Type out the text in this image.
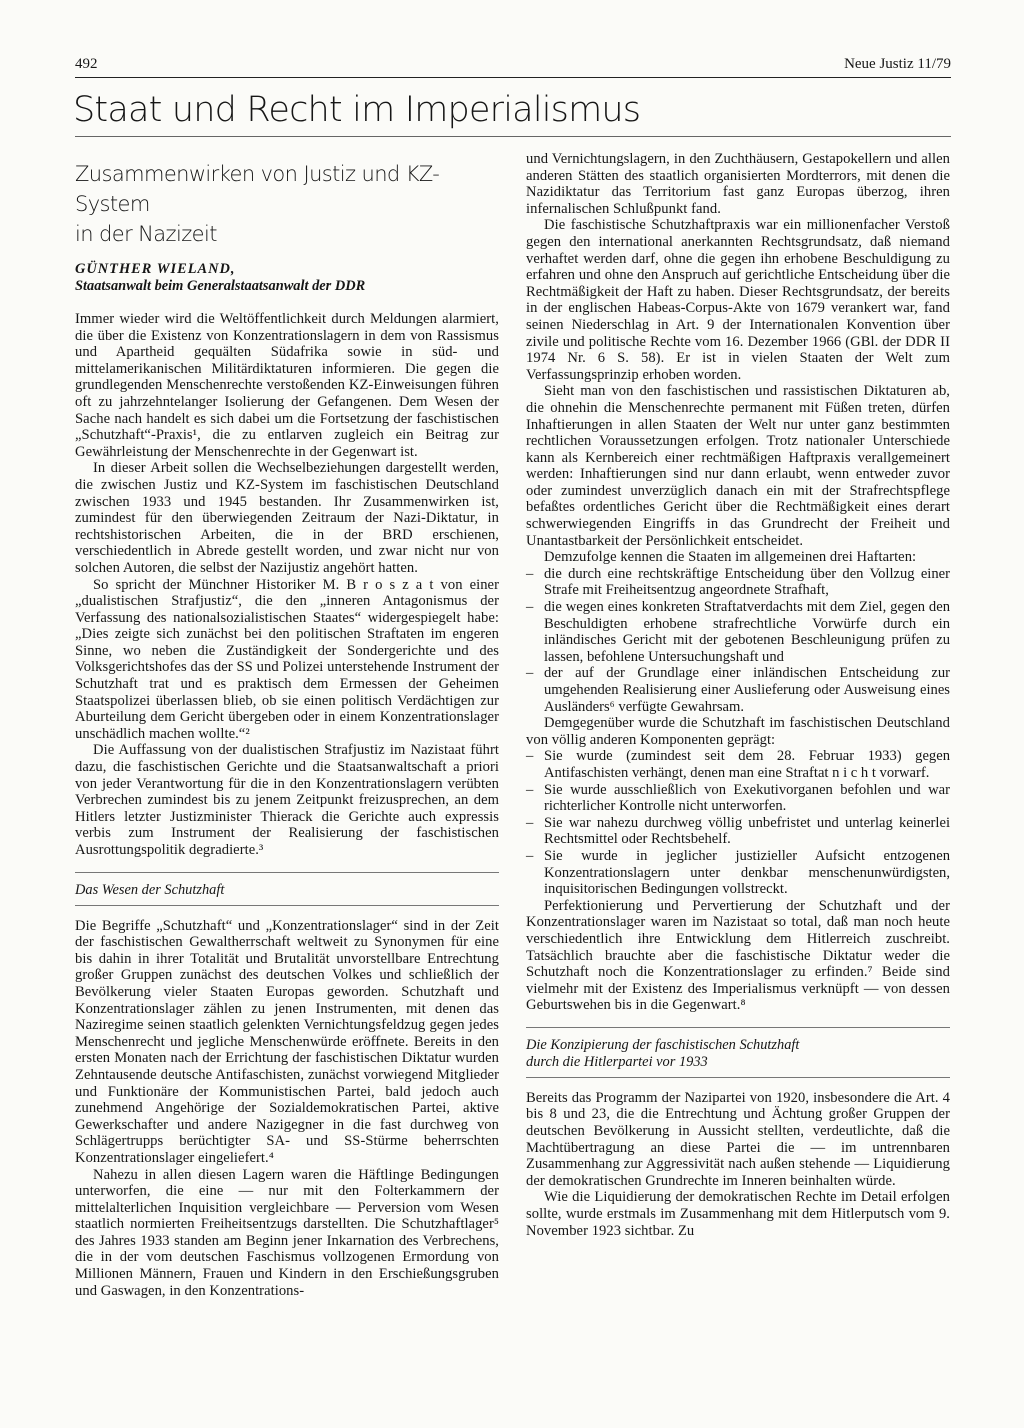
492	Neue Justiz 11/79
Staat und Recht im Imperialismus
Zusammenwirken von Justiz und KZ-System
in der Nazizeit
GÜNTHER WIELAND,
Staatsanwalt beim Generalstaatsanwalt der DDR

Immer wieder wird die Weltöffentlichkeit durch Meldungen alarmiert, die über die Existenz von Konzentrationslagern in dem von Rassismus und Apartheid gequälten Südafrika sowie in süd- und mittelamerikanischen Militärdiktaturen informieren. Die gegen die grundlegenden Menschenrechte verstoßenden KZ-Einweisungen führen oft zu jahrzehntelanger Isolierung der Gefangenen. Dem Wesen der Sache nach handelt es sich dabei um die Fortsetzung der faschistischen „Schutzhaft“-Praxis¹, die zu entlarven zugleich ein Beitrag zur Gewährleistung der Menschenrechte in der Gegenwart ist.

In dieser Arbeit sollen die Wechselbeziehungen dargestellt werden, die zwischen Justiz und KZ-System im faschistischen Deutschland zwischen 1933 und 1945 bestanden. Ihr Zusammenwirken ist, zumindest für den überwiegenden Zeitraum der Nazi-Diktatur, in rechtshistorischen Arbeiten, die in der BRD erschienen, verschiedentlich in Abrede gestellt worden, und zwar nicht nur von solchen Autoren, die selbst der Nazijustiz angehört hatten.

So spricht der Münchner Historiker M. B r o s z a t von einer „dualistischen Strafjustiz“, die den „inneren Antagonismus der Verfassung des nationalsozialistischen Staates“ widergespiegelt habe: „Dies zeigte sich zunächst bei den politischen Straftaten im engeren Sinne, wo neben die Zuständigkeit der Sondergerichte und des Volksgerichtshofes das der SS und Polizei unterstehende Instrument der Schutzhaft trat und es praktisch dem Ermessen der Geheimen Staatspolizei überlassen blieb, ob sie einen politisch Verdächtigen zur Aburteilung dem Gericht übergeben oder in einem Konzentrationslager unschädlich machen wollte.“²

Die Auffassung von der dualistischen Strafjustiz im Nazistaat führt dazu, die faschistischen Gerichte und die Staatsanwaltschaft a priori von jeder Verantwortung für die in den Konzentrationslagern verübten Verbrechen zumindest bis zu jenem Zeitpunkt freizusprechen, an dem Hitlers letzter Justizminister Thierack die Gerichte auch expressis verbis zum Instrument der Realisierung der faschistischen Ausrottungspolitik degradierte.³

Das Wesen der Schutzhaft

Die Begriffe „Schutzhaft“ und „Konzentrationslager“ sind in der Zeit der faschistischen Gewaltherrschaft weltweit zu Synonymen für eine bis dahin in ihrer Totalität und Brutalität unvorstellbare Entrechtung großer Gruppen zunächst des deutschen Volkes und schließlich der Bevölkerung vieler Staaten Europas geworden. Schutzhaft und Konzentrationslager zählen zu jenen Instrumenten, mit denen das Naziregime seinen staatlich gelenkten Vernichtungsfeldzug gegen jedes Menschenrecht und jegliche Menschenwürde eröffnete. Bereits in den ersten Monaten nach der Errichtung der faschistischen Diktatur wurden Zehntausende deutsche Antifaschisten, zunächst vorwiegend Mitglieder und Funktionäre der Kommunistischen Partei, bald jedoch auch zunehmend Angehörige der Sozialdemokratischen Partei, aktive Gewerkschafter und andere Nazigegner in die fast durchweg von Schlägertrupps berüchtigter SA- und SS-Stürme beherrschten Konzentrationslager eingeliefert.⁴

Nahezu in allen diesen Lagern waren die Häftlinge Bedingungen unterworfen, die eine — nur mit den Folterkammern der mittelalterlichen Inquisition vergleichbare — Perversion vom Wesen staatlich normierten Freiheitsentzugs darstellten. Die Schutzhaftlager⁵ des Jahres 1933 standen am Beginn jener Inkarnation des Verbrechens, die in der vom deutschen Faschismus vollzogenen Ermordung von Millionen Männern, Frauen und Kindern in den Erschießungsgruben und Gaswagen, in den Konzentrations-

und Vernichtungslagern, in den Zuchthäusern, Gestapokellern und allen anderen Stätten des staatlich organisierten Mordterrors, mit denen die Nazidiktatur das Territorium fast ganz Europas überzog, ihren infernalischen Schlußpunkt fand.

Die faschistische Schutzhaftpraxis war ein millionenfacher Verstoß gegen den international anerkannten Rechtsgrundsatz, daß niemand verhaftet werden darf, ohne die gegen ihn erhobene Beschuldigung zu erfahren und ohne den Anspruch auf gerichtliche Entscheidung über die Rechtmäßigkeit der Haft zu haben. Dieser Rechtsgrundsatz, der bereits in der englischen Habeas-Corpus-Akte von 1679 verankert war, fand seinen Niederschlag in Art. 9 der Internationalen Konvention über zivile und politische Rechte vom 16. Dezember 1966 (GBl. der DDR II 1974 Nr. 6 S. 58). Er ist in vielen Staaten der Welt zum Verfassungsprinzip erhoben worden.

Sieht man von den faschistischen und rassistischen Diktaturen ab, die ohnehin die Menschenrechte permanent mit Füßen treten, dürfen Inhaftierungen in allen Staaten der Welt nur unter ganz bestimmten rechtlichen Voraussetzungen erfolgen. Trotz nationaler Unterschiede kann als Kernbereich einer rechtmäßigen Haftpraxis verallgemeinert werden: Inhaftierungen sind nur dann erlaubt, wenn entweder zuvor oder zumindest unverzüglich danach ein mit der Strafrechtspflege befaßtes ordentliches Gericht über die Rechtmäßigkeit eines derart schwerwiegenden Eingriffs in das Grundrecht der Freiheit und Unantastbarkeit der Persönlichkeit entscheidet.

Demzufolge kennen die Staaten im allgemeinen drei Haftarten:

– die durch eine rechtskräftige Entscheidung über den Vollzug einer Strafe mit Freiheitsentzug angeordnete Strafhaft,
– die wegen eines konkreten Straftatverdachts mit dem Ziel, gegen den Beschuldigten erhobene strafrechtliche Vorwürfe durch ein inländisches Gericht mit der gebotenen Beschleunigung prüfen zu lassen, befohlene Untersuchungshaft und
– der auf der Grundlage einer inländischen Entscheidung zur umgehenden Realisierung einer Auslieferung oder Ausweisung eines Ausländers⁶ verfügte Gewahrsam.

Demgegenüber wurde die Schutzhaft im faschistischen Deutschland von völlig anderen Komponenten geprägt:

– Sie wurde (zumindest seit dem 28. Februar 1933) gegen Antifaschisten verhängt, denen man eine Straftat n i c h t vorwarf.
– Sie wurde ausschließlich von Exekutivorganen befohlen und war richterlicher Kontrolle nicht unterworfen.
– Sie war nahezu durchweg völlig unbefristet und unterlag keinerlei Rechtsmittel oder Rechtsbehelf.
– Sie wurde in jeglicher justizieller Aufsicht entzogenen Konzentrationslagern unter denkbar menschenunwürdigsten, inquisitorischen Bedingungen vollstreckt.

Perfektionierung und Pervertierung der Schutzhaft und der Konzentrationslager waren im Nazistaat so total, daß man noch heute verschiedentlich ihre Entwicklung dem Hitlerreich zuschreibt. Tatsächlich brauchte aber die faschistische Diktatur weder die Schutzhaft noch die Konzentrationslager zu erfinden.⁷ Beide sind vielmehr mit der Existenz des Imperialismus verknüpft — von dessen Geburtswehen bis in die Gegenwart.⁸

Die Konzipierung der faschistischen Schutzhaft
durch die Hitlerpartei vor 1933

Bereits das Programm der Nazipartei von 1920, insbesondere die Art. 4 bis 8 und 23, die die Entrechtung und Ächtung großer Gruppen der deutschen Bevölkerung in Aussicht stellten, verdeutlichte, daß die Machtübertragung an diese Partei die — im untrennbaren Zusammenhang zur Aggressivität nach außen stehende — Liquidierung der demokratischen Grundrechte im Inneren beinhalten würde.

Wie die Liquidierung der demokratischen Rechte im Detail erfolgen sollte, wurde erstmals im Zusammenhang mit dem Hitlerputsch vom 9. November 1923 sichtbar. Zu
